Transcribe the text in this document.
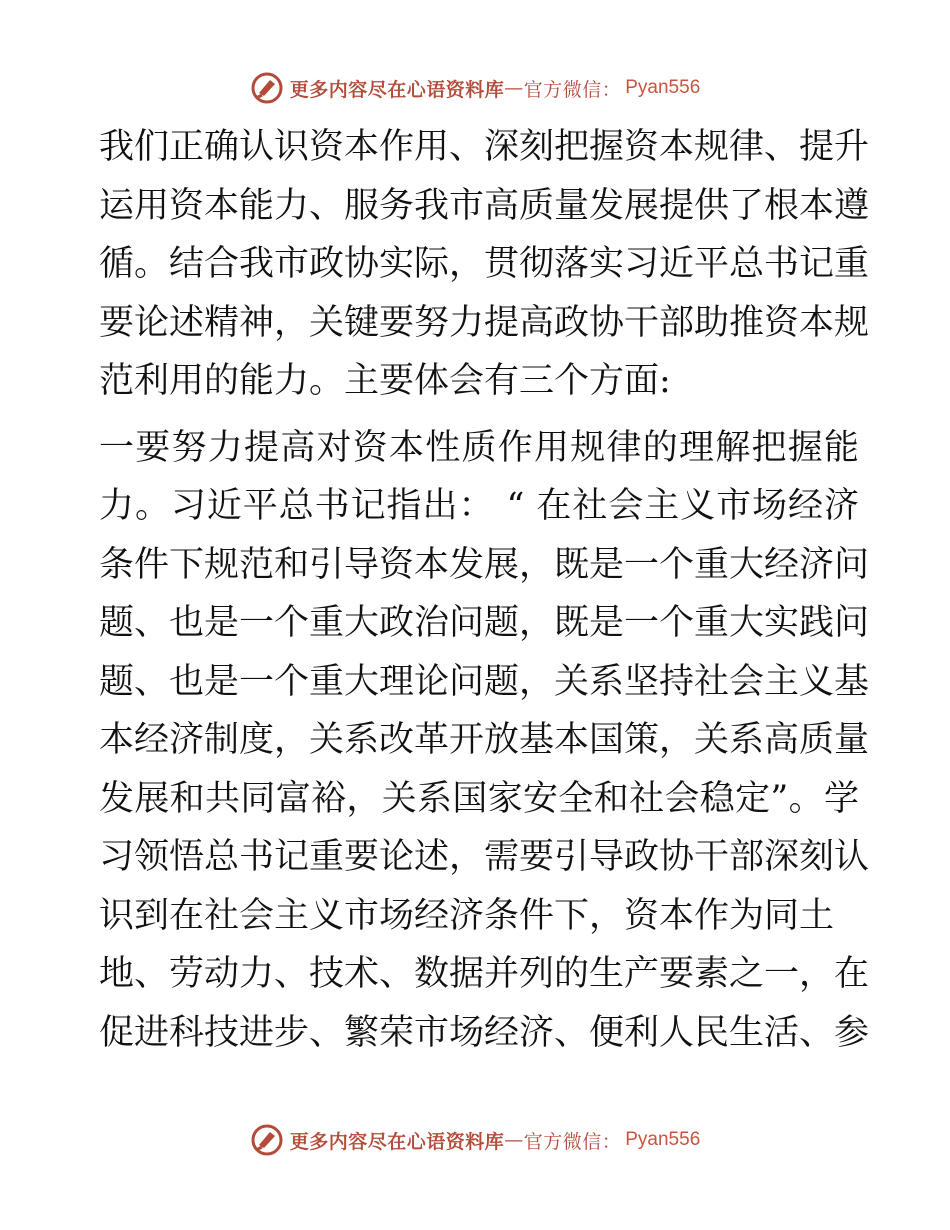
更多内容尽在心语资料库 — 官方微信： Pyan556
我们正确认识资本作用、深刻把握资本规律、提升
运用资本能力、服务我市高质量发展提供了根本遵
循。结合我市政协实际，贯彻落实习近平总书记重
要论述精神，关键要努力提高政协干部助推资本规
范利用的能力。主要体会有三个方面:
一要努力提高对资本性质作用规律的理解把握能
力。习近平总书记指出： “ 在社会主义市场经济
条件下规范和引导资本发展，既是一个重大经济问
题、也是一个重大政治问题，既是一个重大实践问
题、也是一个重大理论问题，关系坚持社会主义基
本经济制度，关系改革开放基本国策，关系高质量
发展和共同富裕，关系国家安全和社会稳定”。学
习领悟总书记重要论述，需要引导政协干部深刻认
识到在社会主义市场经济条件下，资本作为同土
地、劳动力、技术、数据并列的生产要素之一，在
促进科技进步、繁荣市场经济、便利人民生活、参
更多内容尽在心语资料库 — 官方微信： Pyan556
